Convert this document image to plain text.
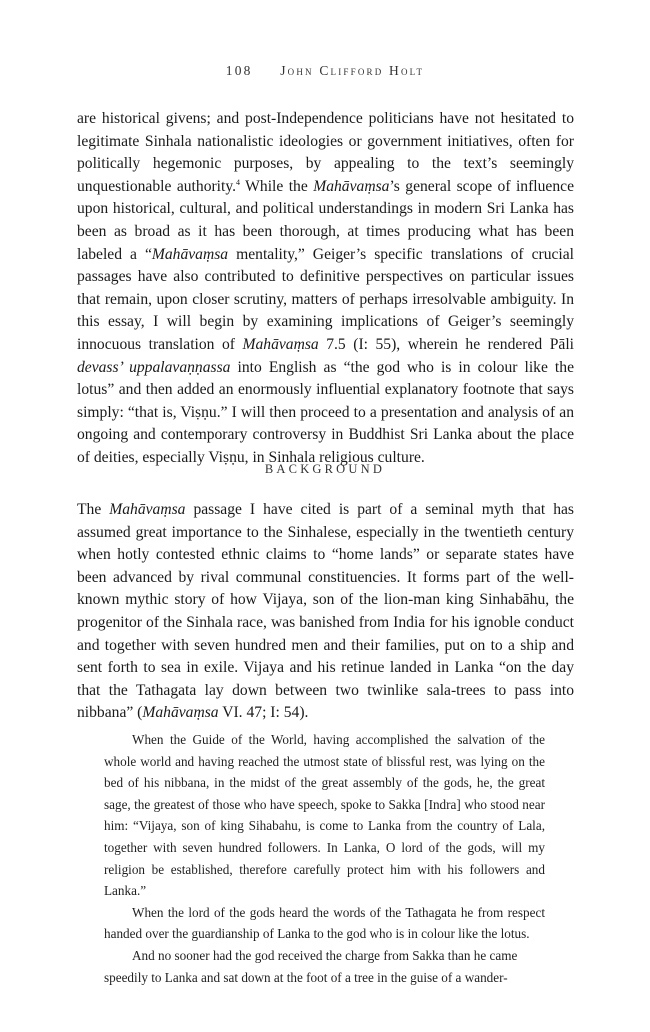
108 John Clifford Holt

are historical givens; and post-Independence politicians have not hesitated to legitimate Sinhala nationalistic ideologies or government initiatives, often for politically hegemonic purposes, by appealing to the text’s seemingly unquestionable authority.$^4$ While the Mahāvaṃsa’s general scope of influence upon historical, cultural, and political understandings in modern Sri Lanka has been as broad as it has been thorough, at times producing what has been labeled a “Mahāvaṃsa mentality,” Geiger’s specific translations of crucial passages have also contributed to definitive perspectives on particular issues that remain, upon closer scrutiny, matters of perhaps irresolvable ambiguity. In this essay, I will begin by examining implications of Geiger’s seemingly innocuous translation of Mahāvaṃsa 7.5 (I: 55), wherein he rendered Pāli devass’ uppalavaṇṇassa into English as “the god who is in colour like the lotus” and then added an enormously influential explanatory footnote that says simply: “that is, Viṣṇu.” I will then proceed to a presentation and analysis of an ongoing and contemporary controversy in Buddhist Sri Lanka about the place of deities, especially Viṣṇu, in Sinhala religious culture.

BACKGROUND

The Mahāvaṃsa passage I have cited is part of a seminal myth that has assumed great importance to the Sinhalese, especially in the twentieth century when hotly contested ethnic claims to “home lands” or separate states have been advanced by rival communal constituencies. It forms part of the well-known mythic story of how Vijaya, son of the lion-man king Sinhabāhu, the progenitor of the Sinhala race, was banished from India for his ignoble conduct and together with seven hundred men and their families, put on to a ship and sent forth to sea in exile. Vijaya and his retinue landed in Lanka “on the day that the Tathagata lay down between two twinlike sala-trees to pass into nibbana” (Mahāvaṃsa VI. 47; I: 54).

When the Guide of the World, having accomplished the salvation of the whole world and having reached the utmost state of blissful rest, was lying on the bed of his nibbana, in the midst of the great assembly of the gods, he, the great sage, the greatest of those who have speech, spoke to Sakka [Indra] who stood near him: “Vijaya, son of king Sihabahu, is come to Lanka from the country of Lala, together with seven hundred followers. In Lanka, O lord of the gods, will my religion be established, therefore carefully protect him with his followers and Lanka.”

When the lord of the gods heard the words of the Tathagata he from respect handed over the guardianship of Lanka to the god who is in colour like the lotus.

And no sooner had the god received the charge from Sakka than he came speedily to Lanka and sat down at the foot of a tree in the guise of a wander-
